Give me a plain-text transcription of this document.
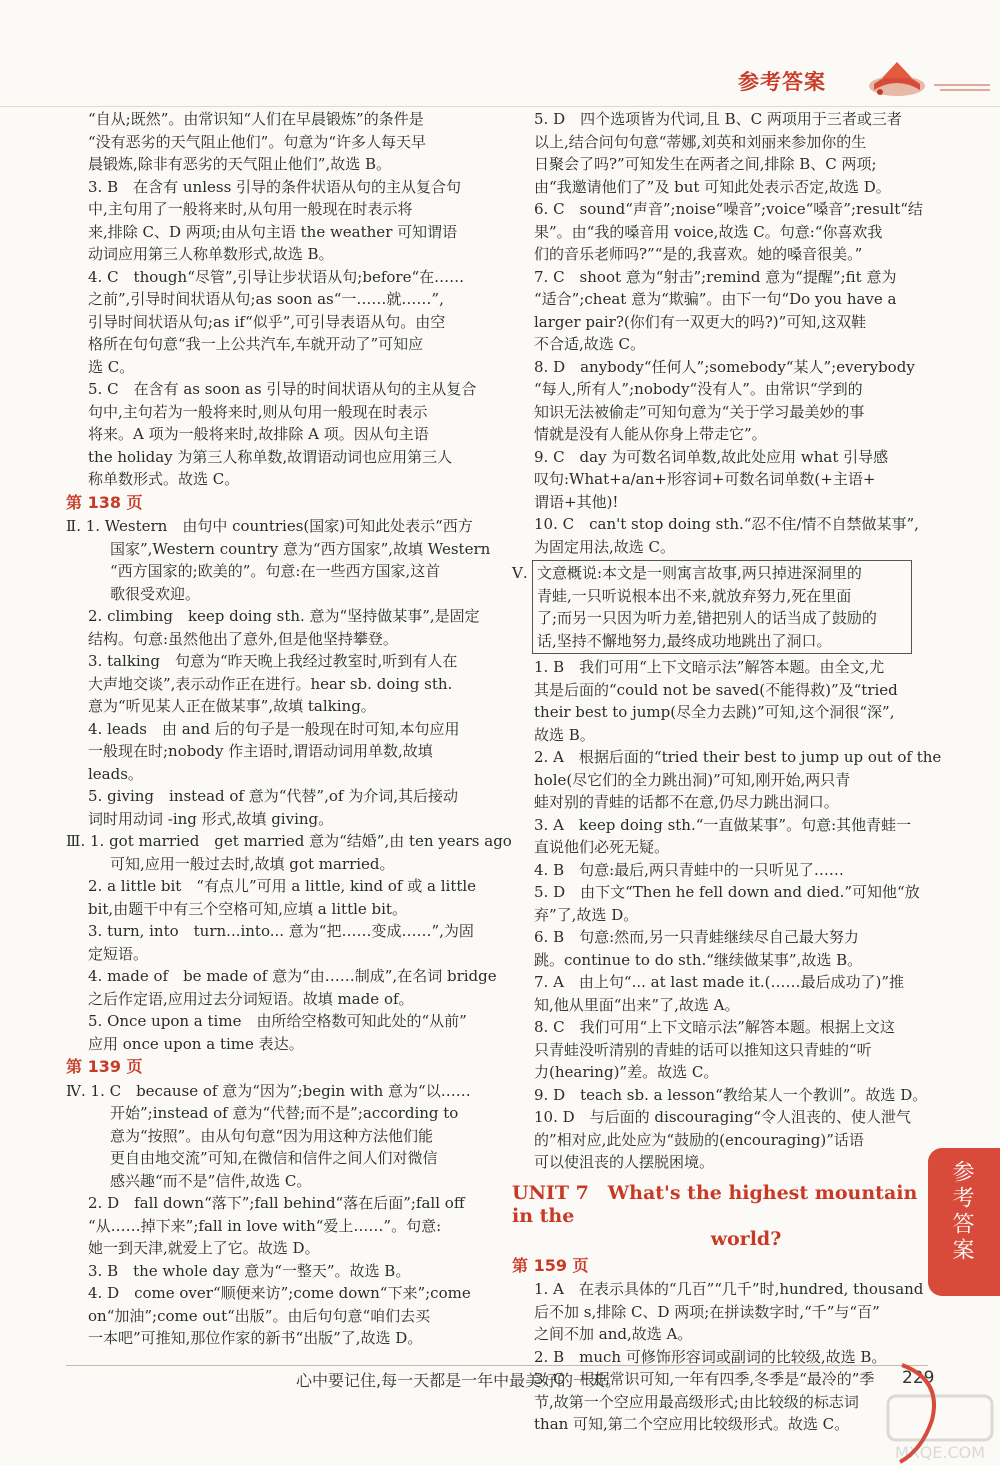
参考答案
“自从;既然”。由常识知“人们在早晨锻炼”的条件是
“没有恶劣的天气阻止他们”。句意为“许多人每天早
晨锻炼,除非有恶劣的天气阻止他们”,故选 B。
3. B　在含有 unless 引导的条件状语从句的主从复合句
中,主句用了一般将来时,从句用一般现在时表示将
来,排除 C、D 两项;由从句主语 the weather 可知谓语
动词应用第三人称单数形式,故选 B。
4. C　though“尽管”,引导让步状语从句;before“在……
之前”,引导时间状语从句;as soon as“一……就……”,
引导时间状语从句;as if“似乎”,可引导表语从句。由空
格所在句句意“我一上公共汽车,车就开动了”可知应
选 C。
5. C　在含有 as soon as 引导的时间状语从句的主从复合
句中,主句若为一般将来时,则从句用一般现在时表示
将来。A 项为一般将来时,故排除 A 项。因从句主语
the holiday 为第三人称单数,故谓语动词也应用第三人
称单数形式。故选 C。
第 138 页
Ⅱ. 1. Western　由句中 countries(国家)可知此处表示“西方
国家”,Western country 意为“西方国家”,故填 Western
“西方国家的;欧美的”。句意:在一些西方国家,这首
歌很受欢迎。
2. climbing　keep doing sth. 意为“坚持做某事”,是固定
结构。句意:虽然他出了意外,但是他坚持攀登。
3. talking　句意为“昨天晚上我经过教室时,听到有人在
大声地交谈”,表示动作正在进行。hear sb. doing sth.
意为“听见某人正在做某事”,故填 talking。
4. leads　由 and 后的句子是一般现在时可知,本句应用
一般现在时;nobody 作主语时,谓语动词用单数,故填
leads。
5. giving　instead of 意为“代替”,of 为介词,其后接动
词时用动词 -ing 形式,故填 giving。
Ⅲ. 1. got married　get married 意为“结婚”,由 ten years ago
可知,应用一般过去时,故填 got married。
2. a little bit　“有点儿”可用 a little, kind of 或 a little
bit,由题干中有三个空格可知,应填 a little bit。
3. turn, into　turn...into... 意为“把……变成……”,为固
定短语。
4. made of　be made of 意为“由……制成”,在名词 bridge
之后作定语,应用过去分词短语。故填 made of。
5. Once upon a time　由所给空格数可知此处的“从前”
应用 once upon a time 表达。
第 139 页
Ⅳ. 1. C　because of 意为“因为”;begin with 意为“以……
开始”;instead of 意为“代替;而不是”;according to
意为“按照”。由从句句意“因为用这种方法他们能
更自由地交流”可知,在微信和信件之间人们对微信
感兴趣“而不是”信件,故选 C。
2. D　fall down“落下”;fall behind“落在后面”;fall off
“从……掉下来”;fall in love with“爱上……”。句意:
她一到天津,就爱上了它。故选 D。
3. B　the whole day 意为“一整天”。故选 B。
4. D　come over“顺便来访”;come down“下来”;come
on“加油”;come out“出版”。由后句句意“咱们去买
一本吧”可推知,那位作家的新书“出版”了,故选 D。
5. D　四个选项皆为代词,且 B、C 两项用于三者或三者
以上,结合问句句意“蒂娜,刘英和刘丽来参加你的生
日聚会了吗?”可知发生在两者之间,排除 B、C 两项;
由“我邀请他们了”及 but 可知此处表示否定,故选 D。
6. C　sound“声音”;noise“噪音”;voice“嗓音”;result“结
果”。由“我的嗓音用 voice,故选 C。句意:“你喜欢我
们的音乐老师吗?”“是的,我喜欢。她的嗓音很美。”
7. C　shoot 意为“射击”;remind 意为“提醒”;fit 意为
“适合”;cheat 意为“欺骗”。由下一句“Do you have a
larger pair?(你们有一双更大的吗?)”可知,这双鞋
不合适,故选 C。
8. D　anybody“任何人”;somebody“某人”;everybody
“每人,所有人”;nobody“没有人”。由常识“学到的
知识无法被偷走”可知句意为“关于学习最美妙的事
情就是没有人能从你身上带走它”。
9. C　day 为可数名词单数,故此处应用 what 引导感
叹句:What+a/an+形容词+可数名词单数(+主语+
谓语+其他)!
10. C　can't stop doing sth.“忍不住/情不自禁做某事”,
为固定用法,故选 C。
Ⅴ. 文意概说:本文是一则寓言故事,两只掉进深洞里的
青蛙,一只听说根本出不来,就放弃努力,死在里面
了;而另一只因为听力差,错把别人的话当成了鼓励的
话,坚持不懈地努力,最终成功地跳出了洞口。
1. B　我们可用“上下文暗示法”解答本题。由全文,尤
其是后面的“could not be saved(不能得救)”及“tried
their best to jump(尽全力去跳)”可知,这个洞很“深”,
故选 B。
2. A　根据后面的“tried their best to jump up out of the
hole(尽它们的全力跳出洞)”可知,刚开始,两只青
蛙对别的青蛙的话都不在意,仍尽力跳出洞口。
3. A　keep doing sth.“一直做某事”。句意:其他青蛙一
直说他们必死无疑。
4. B　句意:最后,两只青蛙中的一只听见了……
5. D　由下文“Then he fell down and died.”可知他“放
弃”了,故选 D。
6. B　句意:然而,另一只青蛙继续尽自己最大努力
跳。continue to do sth.“继续做某事”,故选 B。
7. A　由上句“... at last made it.(……最后成功了)”推
知,他从里面“出来”了,故选 A。
8. C　我们可用“上下文暗示法”解答本题。根据上文这
只青蛙没听清别的青蛙的话可以推知这只青蛙的“听
力(hearing)”差。故选 C。
9. D　teach sb. a lesson“教给某人一个教训”。故选 D。
10. D　与后面的 discouraging“令人沮丧的、使人泄气
的”相对应,此处应为“鼓励的(encouraging)”话语
可以使沮丧的人摆脱困境。
UNIT 7　What's the highest mountain in the
world?
第 159 页
1. A　在表示具体的“几百”“几千”时,hundred, thousand
后不加 s,排除 C、D 两项;在拼读数字时,“千”与“百”
之间不加 and,故选 A。
2. B　much 可修饰形容词或副词的比较级,故选 B。
3. C　根据常识可知,一年有四季,冬季是“最冷的”季
节,故第一个空应用最高级形式;由比较级的标志词
than 可知,第二个空应用比较级形式。故选 C。
参考答案
心中要记住,每一天都是一年中最美好的一天。	229
MXQE.COM
